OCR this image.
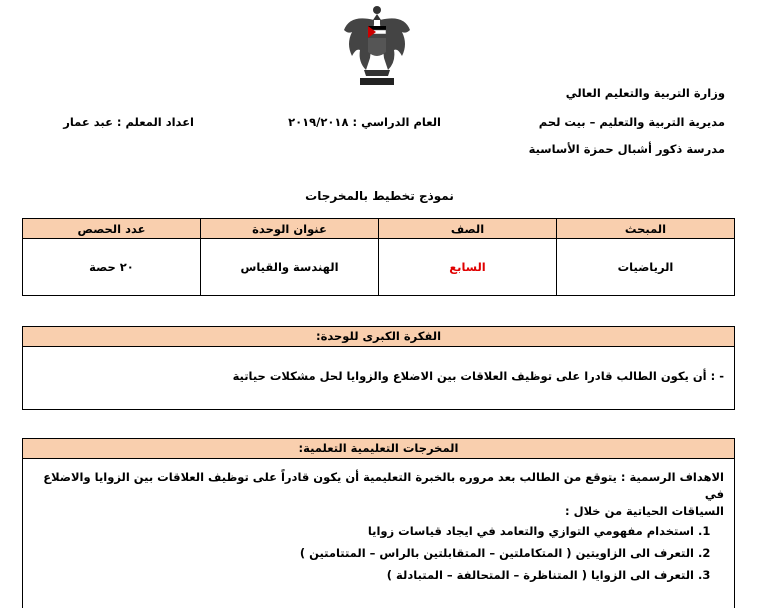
وزارة التربية والتعليم العالي
مديرية التربية والتعليم – بيت لحم
مدرسة ذكور أشبال حمزة الأساسية
العام الدراسي : ٢٠١٩/٢٠١٨
اعداد المعلم : عبد عمار
نموذج تخطيط بالمخرجات
المبحث	الصف	عنوان الوحدة	عدد الحصص
الرياضيات	السابع	الهندسة والقياس	٢٠ حصة
الفكرة الكبرى للوحدة:
- : أن يكون الطالب قادرا على توظيف العلاقات بين الاضلاع والزوايا لحل مشكلات حياتية
المخرجات التعليمية التعلمية:
الاهداف الرسمية : يتوقع من الطالب بعد مروره بالخبرة التعليمية أن يكون قادراً على توظيف العلاقات بين الزوايا والاضلاع في
السياقات الحياتية من خلال :
1. استخدام مفهومي التوازي والتعامد في ايجاد قياسات زوايا
2. التعرف الى الزاويتين ( المتكاملتين – المتقابلتين بالراس – المتتامتين )
3. التعرف الى الزوايا ( المتناظرة – المتحالفة – المتبادلة )
